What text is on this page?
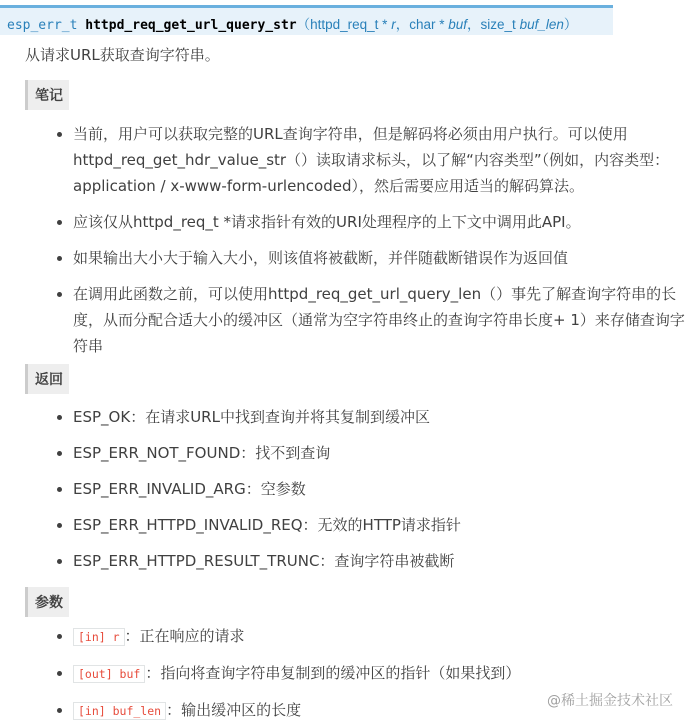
esp_err_t httpd_req_get_url_query_str（httpd_req_t * r，char * buf，size_t buf_len）
从请求URL获取查询字符串。
笔记
当前，用户可以获取完整的URL查询字符串，但是解码将必须由用户执行。可以使用httpd_req_get_hdr_value_str（）读取请求标头，以了解“内容类型”（例如，内容类型：application / x-www-form-urlencoded），然后需要应用适当的解码算法。
应该仅从httpd_req_t *请求指针有效的URI处理程序的上下文中调用此API。
如果输出大小大于输入大小，则该值将被截断，并伴随截断错误作为返回值
在调用此函数之前，可以使用httpd_req_get_url_query_len（）事先了解查询字符串的长度，从而分配合适大小的缓冲区（通常为空字符串终止的查询字符串长度+ 1）来存储查询字符串
返回
ESP_OK：在请求URL中找到查询并将其复制到缓冲区
ESP_ERR_NOT_FOUND：找不到查询
ESP_ERR_INVALID_ARG：空参数
ESP_ERR_HTTPD_INVALID_REQ：无效的HTTP请求指针
ESP_ERR_HTTPD_RESULT_TRUNC：查询字符串被截断
参数
[in] r ：正在响应的请求
[out] buf ：指向将查询字符串复制到的缓冲区的指针（如果找到）
[in] buf_len ：输出缓冲区的长度	@稀土掘金技术社区
